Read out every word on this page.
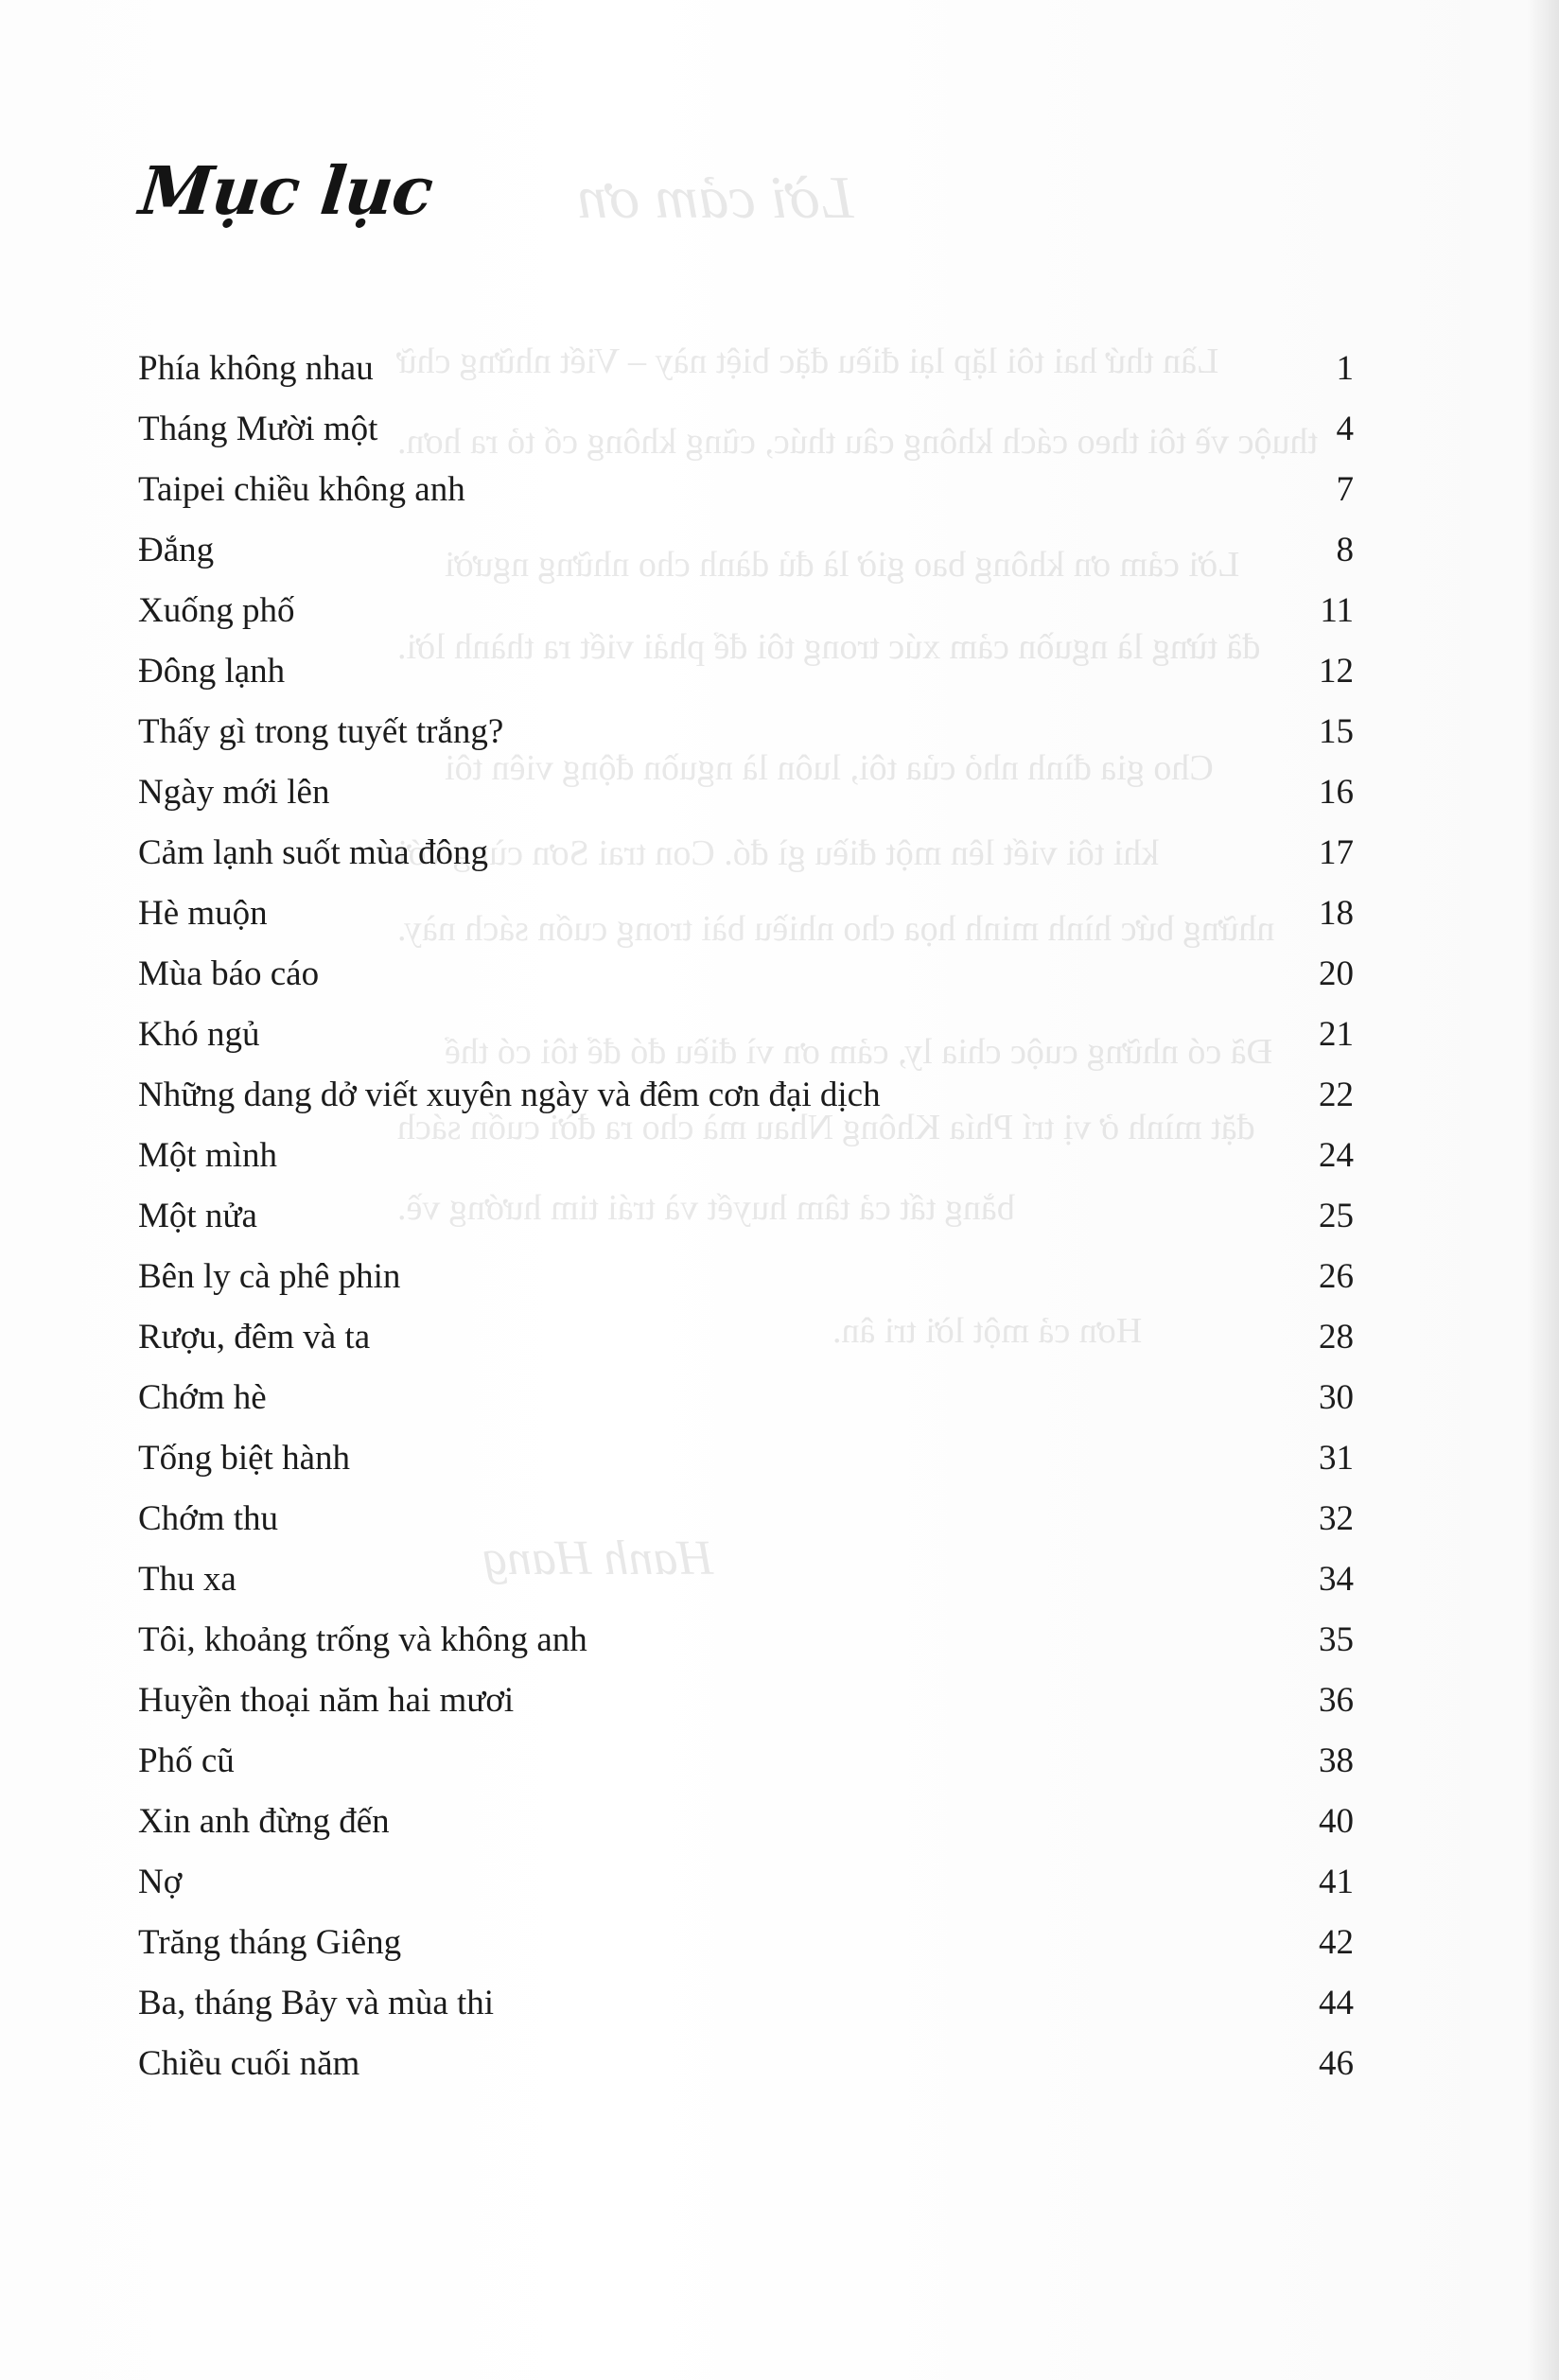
Lời cảm ơn
Lần thứ hai tôi lặp lại điều đặc biệt này – Viết những chữ
thuộc về tôi theo cách không câu thúc, cũng không cố tỏ ra hơn.
Lời cảm ơn không bao giờ là đủ dành cho những người
đã từng là nguồn cảm xúc trong tôi để phải viết ra thành lời.
Cho gia đình nhỏ của tôi, luôn là nguồn động viên tôi
khi tôi viết lên một điều gì đó. Con trai Sơn cùng với
những bức hình minh họa cho nhiều bài trong cuốn sách này.
Đã có những cuộc chia ly, cảm ơn vì điều đó để tôi có thể
đặt mình ở vị trí Phía Không Nhau mà cho ra đời cuốn sách
bằng tất cả tâm huyết và trái tim hướng về.
Hơn cả một lời tri ân.
Hanh Hang
Mục lục
Phía không nhau	1
Tháng Mười một	4
Taipei chiều không anh	7
Đắng	8
Xuống phố	11
Đông lạnh	12
Thấy gì trong tuyết trắng?	15
Ngày mới lên	16
Cảm lạnh suốt mùa đông	17
Hè muộn	18
Mùa báo cáo	20
Khó ngủ	21
Những dang dở viết xuyên ngày và đêm cơn đại dịch	22
Một mình	24
Một nửa	25
Bên ly cà phê phin	26
Rượu, đêm và ta	28
Chớm hè	30
Tống biệt hành	31
Chớm thu	32
Thu xa	34
Tôi, khoảng trống và không anh	35
Huyền thoại năm hai mươi	36
Phố cũ	38
Xin anh đừng đến	40
Nợ	41
Trăng tháng Giêng	42
Ba, tháng Bảy và mùa thi	44
Chiều cuối năm	46
